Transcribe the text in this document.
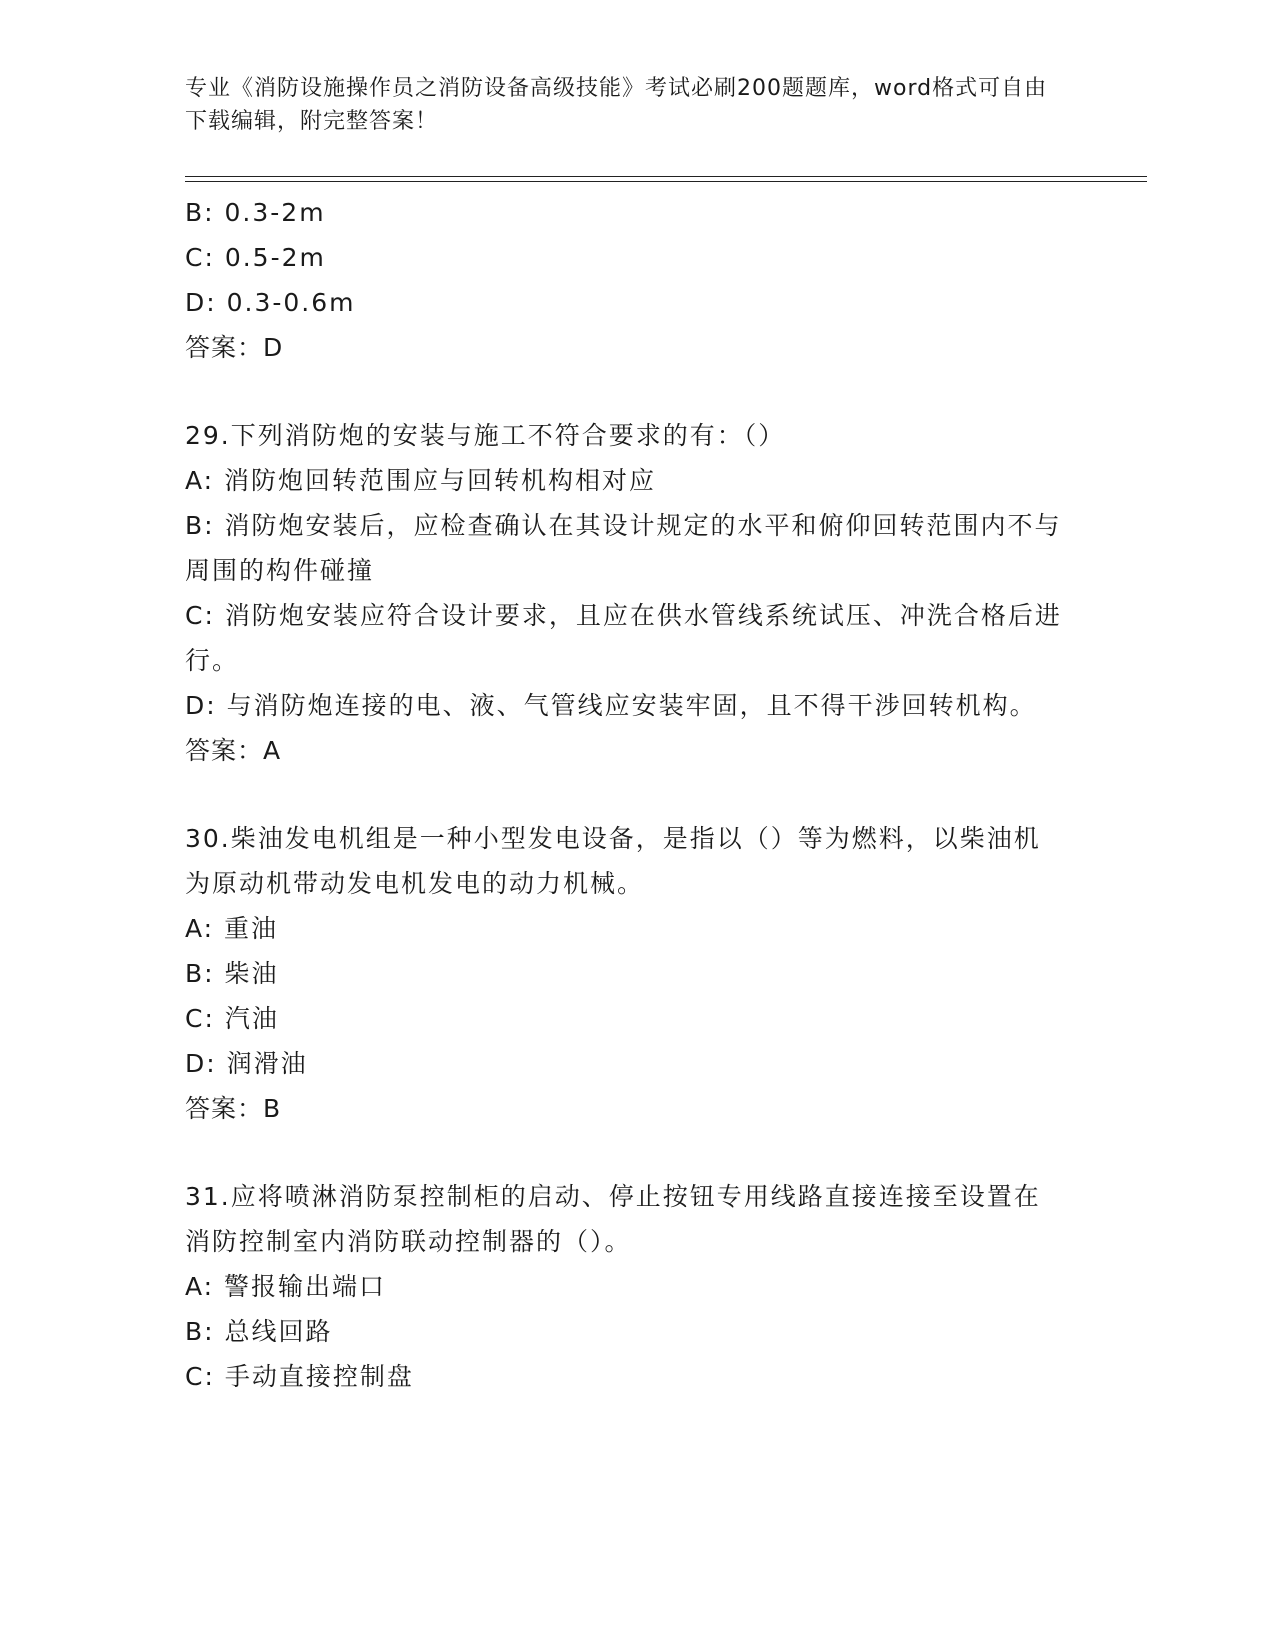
专业《消防设施操作员之消防设备高级技能》考试必刷200题题库，word格式可自由下载编辑，附完整答案！
B: 0.3-2m
C: 0.5-2m
D: 0.3-0.6m
答案：D
29.下列消防炮的安装与施工不符合要求的有：（）
A: 消防炮回转范围应与回转机构相对应
B: 消防炮安装后，应检查确认在其设计规定的水平和俯仰回转范围内不与周围的构件碰撞
C: 消防炮安装应符合设计要求，且应在供水管线系统试压、冲洗合格后进行。
D: 与消防炮连接的电、液、气管线应安装牢固，且不得干涉回转机构。
答案：A
30.柴油发电机组是一种小型发电设备，是指以（）等为燃料，以柴油机为原动机带动发电机发电的动力机械。
A: 重油
B: 柴油
C: 汽油
D: 润滑油
答案：B
31.应将喷淋消防泵控制柜的启动、停止按钮专用线路直接连接至设置在消防控制室内消防联动控制器的（）。
A: 警报输出端口
B: 总线回路
C: 手动直接控制盘
